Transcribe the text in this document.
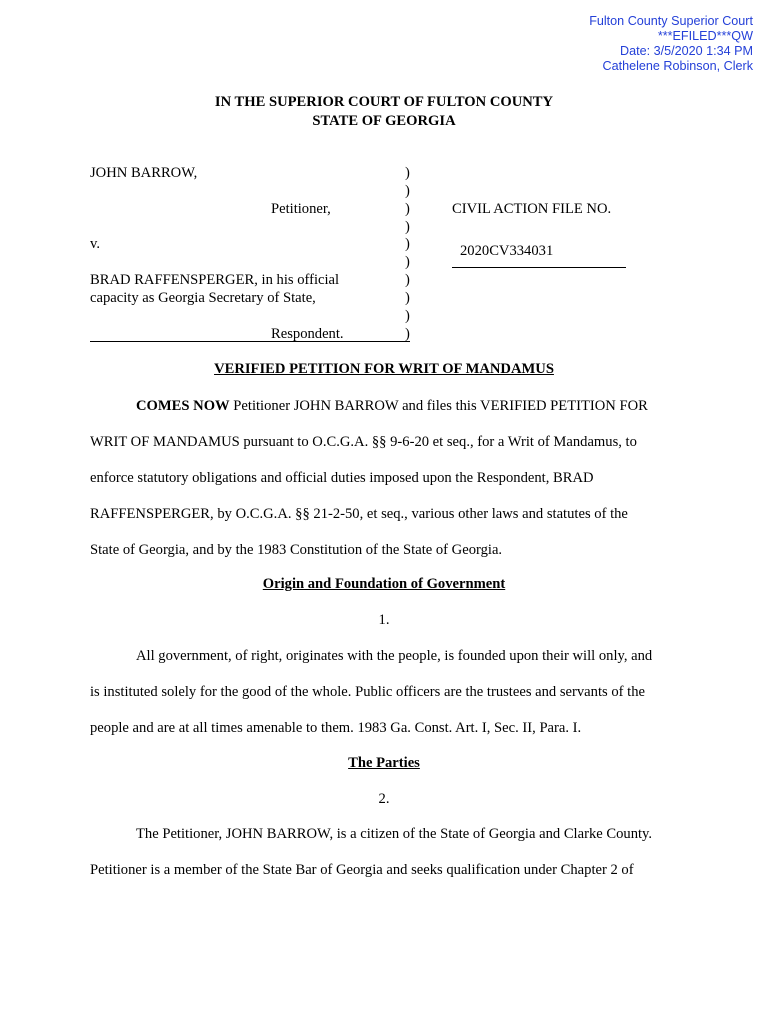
Fulton County Superior Court
***EFILED***QW
Date: 3/5/2020 1:34 PM
Cathelene Robinson, Clerk
IN THE SUPERIOR COURT OF FULTON COUNTY
STATE OF GEORGIA
JOHN BARROW,
Petitioner,
v.
BRAD RAFFENSPERGER, in his official
capacity as Georgia Secretary of State,
Respondent.
)
)
)
)
)
)
)
)
)
)
CIVIL ACTION FILE NO.
2020CV334031
VERIFIED PETITION FOR WRIT OF MANDAMUS
COMES NOW Petitioner JOHN BARROW and files this VERIFIED PETITION FOR
WRIT OF MANDAMUS pursuant to O.C.G.A. §§ 9-6-20 et seq., for a Writ of Mandamus, to
enforce statutory obligations and official duties imposed upon the Respondent, BRAD
RAFFENSPERGER, by O.C.G.A. §§ 21-2-50, et seq., various other laws and statutes of the
State of Georgia, and by the 1983 Constitution of the State of Georgia.
Origin and Foundation of Government
1.
All government, of right, originates with the people, is founded upon their will only, and
is instituted solely for the good of the whole. Public officers are the trustees and servants of the
people and are at all times amenable to them. 1983 Ga. Const. Art. I, Sec. II, Para. I.
The Parties
2.
The Petitioner, JOHN BARROW, is a citizen of the State of Georgia and Clarke County.
Petitioner is a member of the State Bar of Georgia and seeks qualification under Chapter 2 of
